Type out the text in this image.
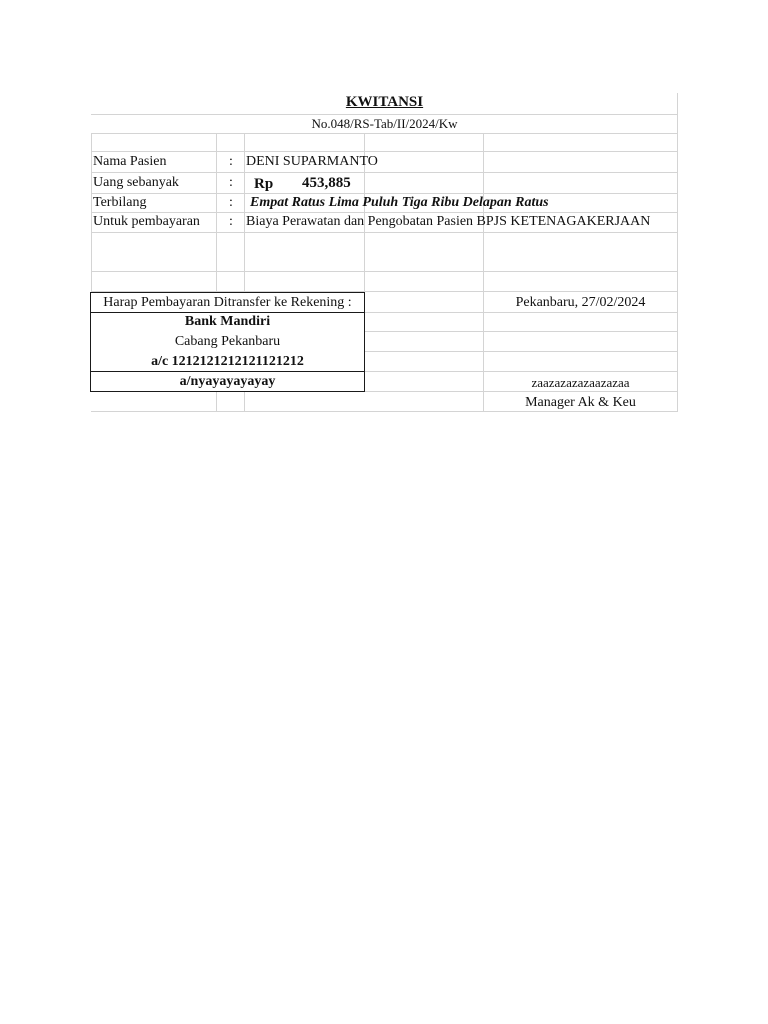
KWITANSI
No.048/RS-Tab/II/2024/Kw
Nama Pasien	: DENI SUPARMANTO
Uang sebanyak	: Rp 453,885
Terbilang	: Empat Ratus Lima Puluh Tiga Ribu Delapan Ratus
Untuk pembayaran : Biaya Perawatan dan Pengobatan Pasien BPJS KETENAGAKERJAAN
Harap Pembayaran Ditransfer ke Rekening :
Bank Mandiri
Cabang Pekanbaru
a/c 1212121212121121212
a/nyayayayayay
Pekanbaru, 27/02/2024
zaazazazazaazazaa
Manager Ak & Keu
